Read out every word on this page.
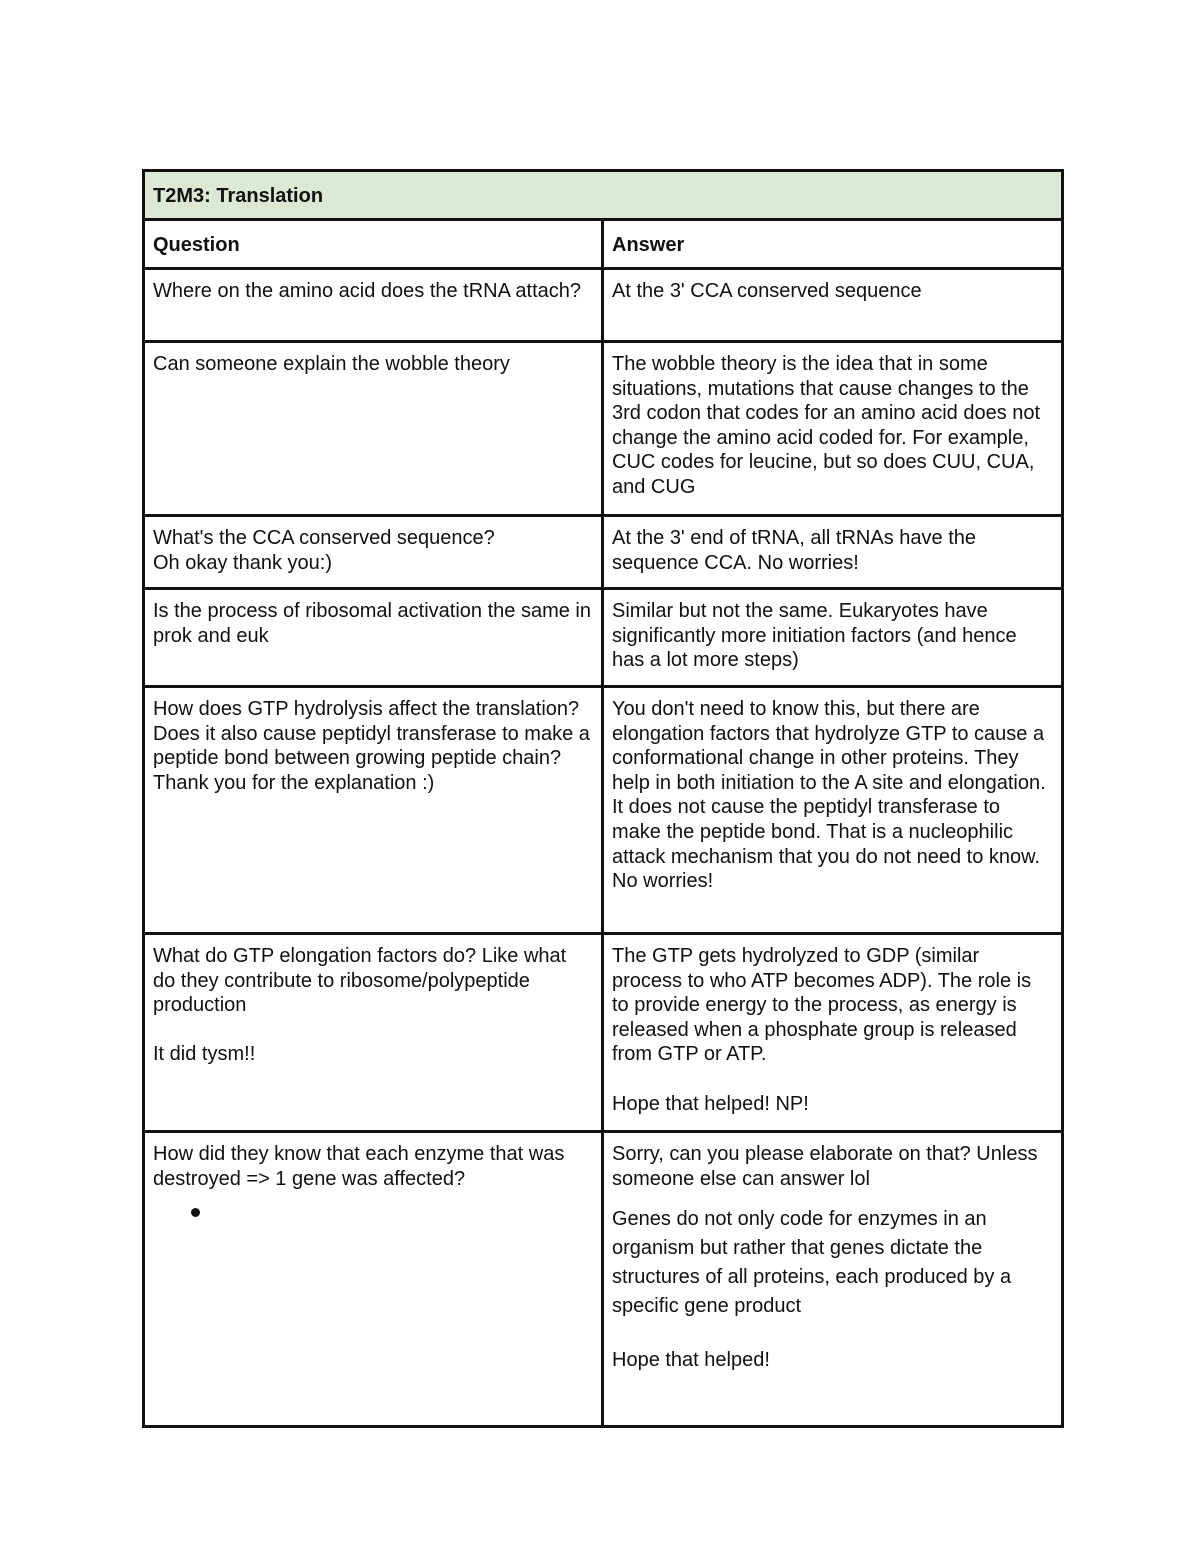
T2M3: Translation	
Question	Answer

Where on the amino acid does the tRNA attach?	At the 3' CCA conserved sequence

Can someone explain the wobble theory	The wobble theory is the idea that in some situations, mutations that cause changes to the 3rd codon that codes for an amino acid does not change the amino acid coded for. For example, CUC codes for leucine, but so does CUU, CUA, and CUG

What's the CCA conserved sequence?
Oh okay thank you:)	At the 3' end of tRNA, all tRNAs have the sequence CCA. No worries!

Is the process of ribosomal activation the same in prok and euk	Similar but not the same. Eukaryotes have significantly more initiation factors (and hence has a lot more steps)

How does GTP hydrolysis affect the translation? Does it also cause peptidyl transferase to make a peptide bond between growing peptide chain?
Thank you for the explanation :)	You don't need to know this, but there are elongation factors that hydrolyze GTP to cause a conformational change in other proteins. They help in both initiation to the A site and elongation. It does not cause the peptidyl transferase to make the peptide bond. That is a nucleophilic attack mechanism that you do not need to know. No worries!

What do GTP elongation factors do? Like what do they contribute to ribosome/polypeptide production
It did tysm!!	The GTP gets hydrolyzed to GDP (similar process to who ATP becomes ADP). The role is to provide energy to the process, as energy is released when a phosphate group is released from GTP or ATP.
Hope that helped! NP!

How did they know that each enzyme that was destroyed => 1 gene was affected?	Sorry, can you please elaborate on that? Unless someone else can answer lol
Genes do not only code for enzymes in an organism but rather that genes dictate the structures of all proteins, each produced by a specific gene product
Hope that helped!
